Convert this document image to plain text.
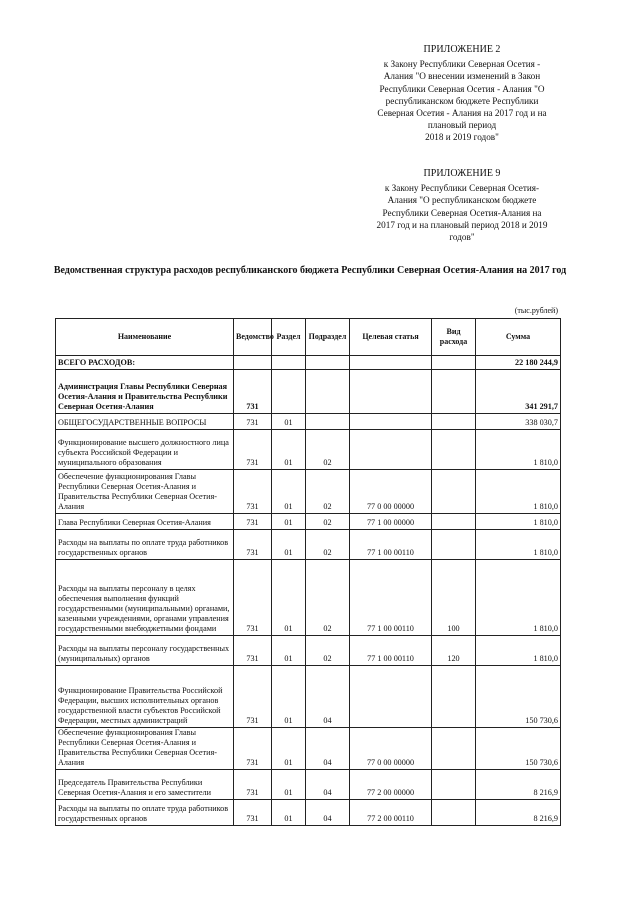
ПРИЛОЖЕНИЕ 2
к Закону Республики Северная Осетия -
Алания "О внесении изменений в Закон
Республики Северная Осетия - Алания "О
республиканском бюджете Республики
Северная Осетия - Алания на 2017 год и на
плановый период
2018 и 2019 годов"
ПРИЛОЖЕНИЕ 9
к Закону Республики Северная Осетия-
Алания "О республиканском бюджете
Республики Северная Осетия-Алания на
2017 год и на плановый период 2018 и 2019
годов"
Ведомственная структура расходов республиканского бюджета Республики Северная Осетия-Алания на 2017 год
(тыс.рублей)
Наименование	Ведомство	Раздел	Подраздел	Целевая статья	Вид расхода	Сумма
ВСЕГО РАСХОДОВ:						22 180 244,9
Администрация Главы Республики Северная Осетия-Алания и Правительства Республики Северная Осетия-Алания	731					341 291,7
ОБЩЕГОСУДАРСТВЕННЫЕ ВОПРОСЫ	731	01				338 030,7
Функционирование высшего должностного лица субъекта Российской Федерации и муниципального образования	731	01	02			1 810,0
Обеспечение функционирования Главы Республики Северная Осетия-Алания и Правительства Республики Северная Осетия-Алания	731	01	02	77 0 00 00000		1 810,0
Глава Республики Северная Осетия-Алания	731	01	02	77 1 00 00000		1 810,0
Расходы на выплаты по оплате труда работников государственных органов	731	01	02	77 1 00 00110		1 810,0
Расходы на выплаты персоналу в целях обеспечения выполнения функций государственными (муниципальными) органами, казенными учреждениями, органами управления государственными внебюджетными фондами	731	01	02	77 1 00 00110	100	1 810,0
Расходы на выплаты персоналу государственных (муниципальных) органов	731	01	02	77 1 00 00110	120	1 810,0
Функционирование Правительства Российской Федерации, высших исполнительных органов государственной власти субъектов Российской Федерации, местных администраций	731	01	04			150 730,6
Обеспечение функционирования Главы Республики Северная Осетия-Алания и Правительства Республики Северная Осетия-Алания	731	01	04	77 0 00 00000		150 730,6
Председатель Правительства Республики Северная Осетия-Алания и его заместители	731	01	04	77 2 00 00000		8 216,9
Расходы на выплаты по оплате труда работников государственных органов	731	01	04	77 2 00 00110		8 216,9
